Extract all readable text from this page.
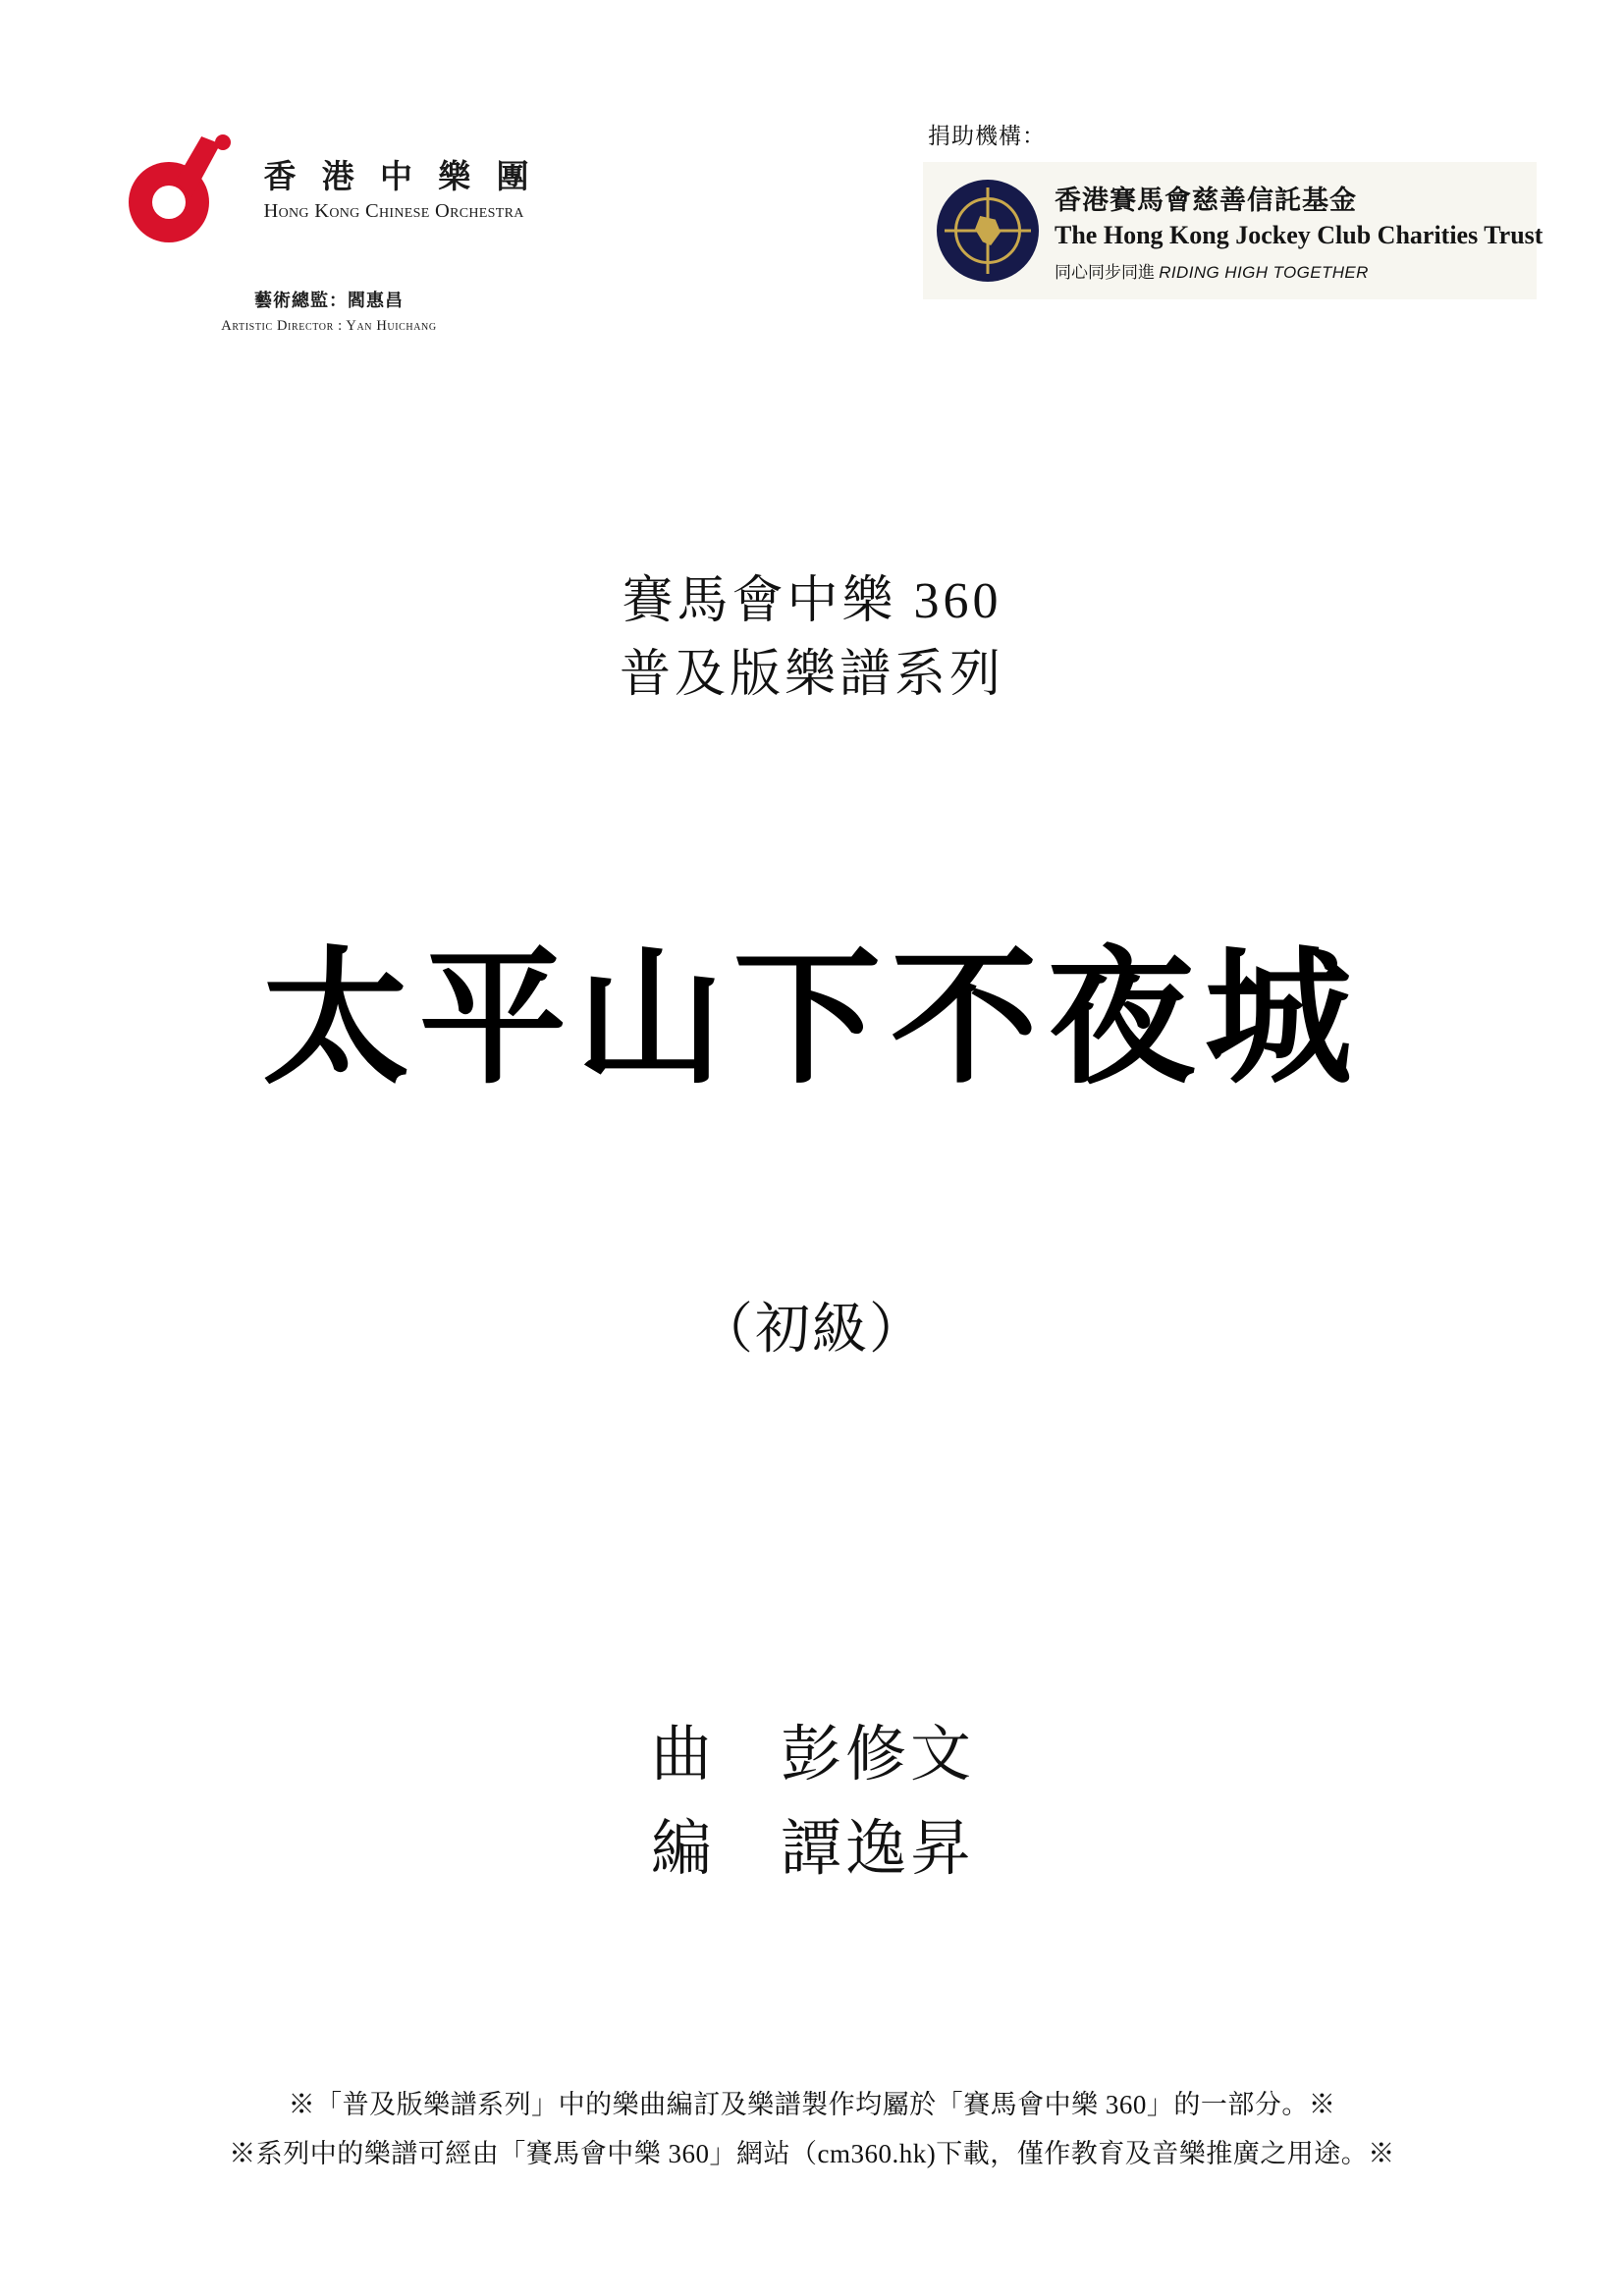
香 港 中 樂 團
Hong Kong Chinese Orchestra
藝術總監：閻惠昌
Artistic Director : Yan Huichang
捐助機構：
香港賽馬會慈善信託基金
The Hong Kong Jockey Club Charities Trust
同心同步同進 RIDING HIGH TOGETHER
賽馬會中樂 360
普及版樂譜系列
太平山下不夜城
（初級）
曲 彭修文
編 譚逸昇
※「普及版樂譜系列」中的樂曲編訂及樂譜製作均屬於「賽馬會中樂 360」的一部分。※
※系列中的樂譜可經由「賽馬會中樂 360」網站（cm360.hk)下載，僅作教育及音樂推廣之用途。※
